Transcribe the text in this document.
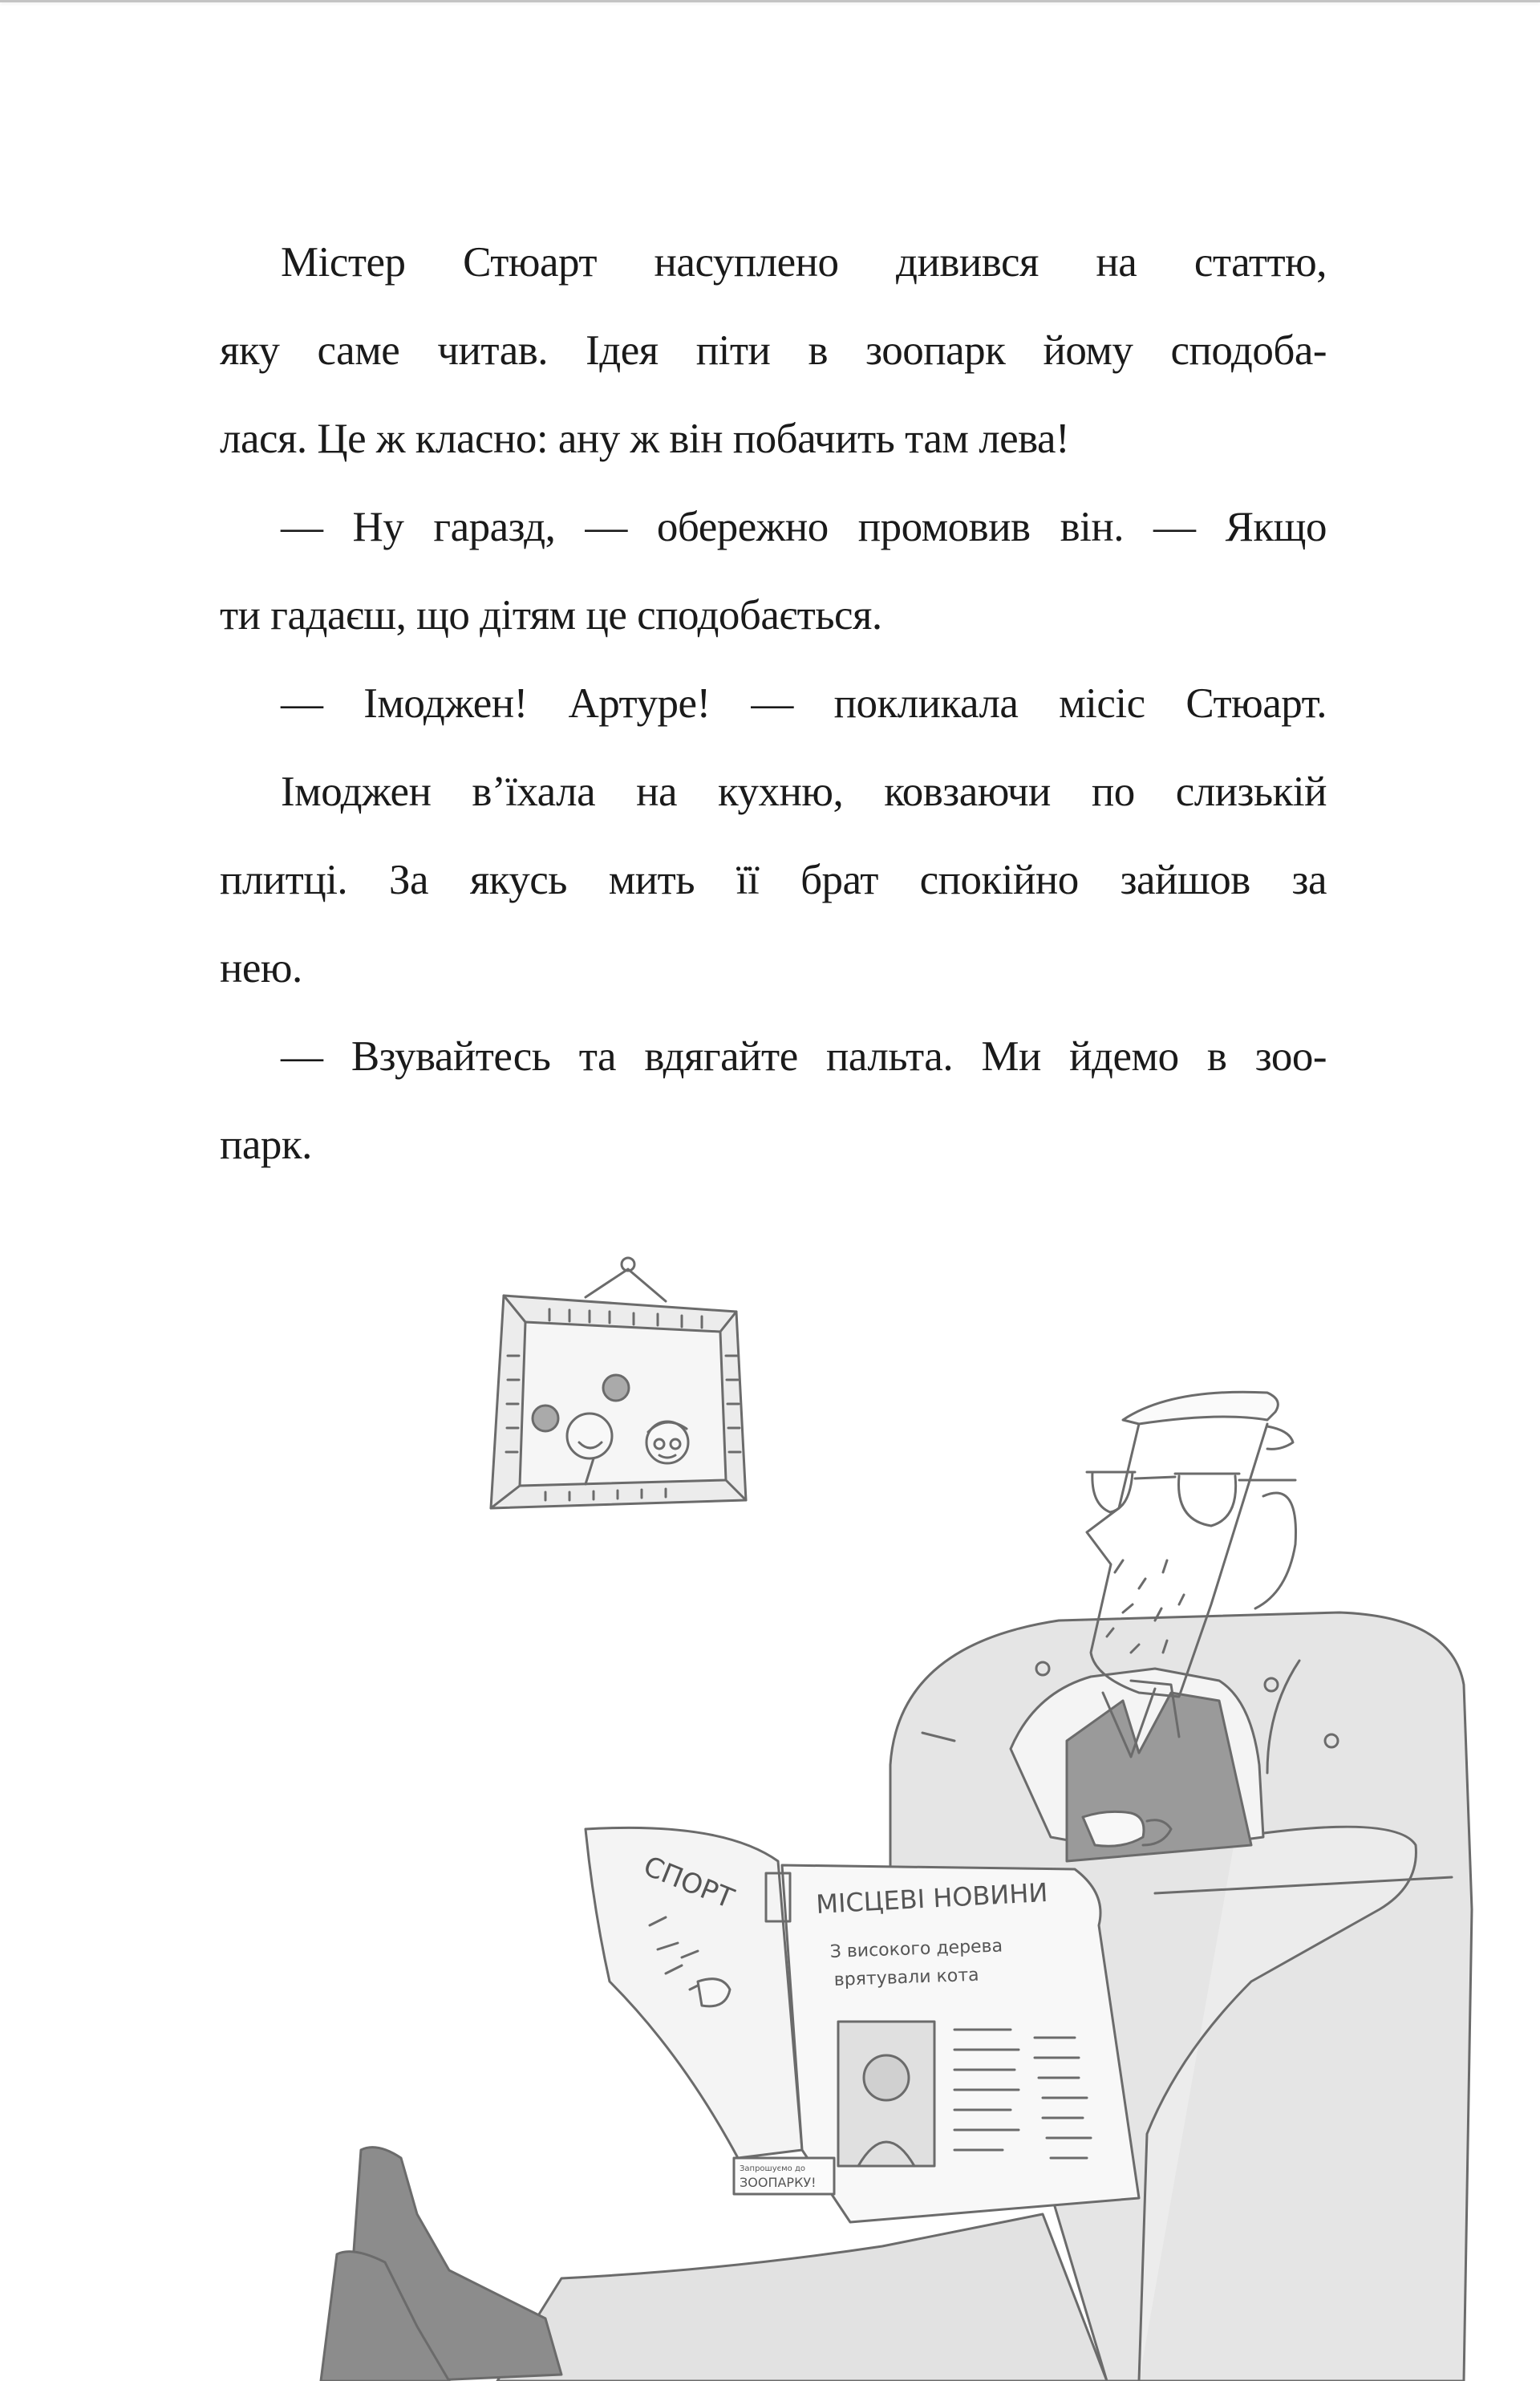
Містер Стюарт насуплено дивився на статтю,
яку саме читав. Ідея піти в зоопарк йому сподоба-
лася. Це ж класно: ану ж він побачить там лева!
— Ну гаразд, — обережно промовив він. — Якщо
ти гадаєш, що дітям це сподобається.
— Імоджен! Артуре! — покликала місіс Стюарт.
Імоджен в’їхала на кухню, ковзаючи по слизькій
плитці. За якусь мить її брат спокійно зайшов за
нею.
— Взувайтесь та вдягайте пальта. Ми йдемо в зоо-
парк.
СПОРТ	МІСЦЕВІ НОВИНИ
З високого дерева
врятували кота
Запрошуємо до
ЗООПАРКУ!
